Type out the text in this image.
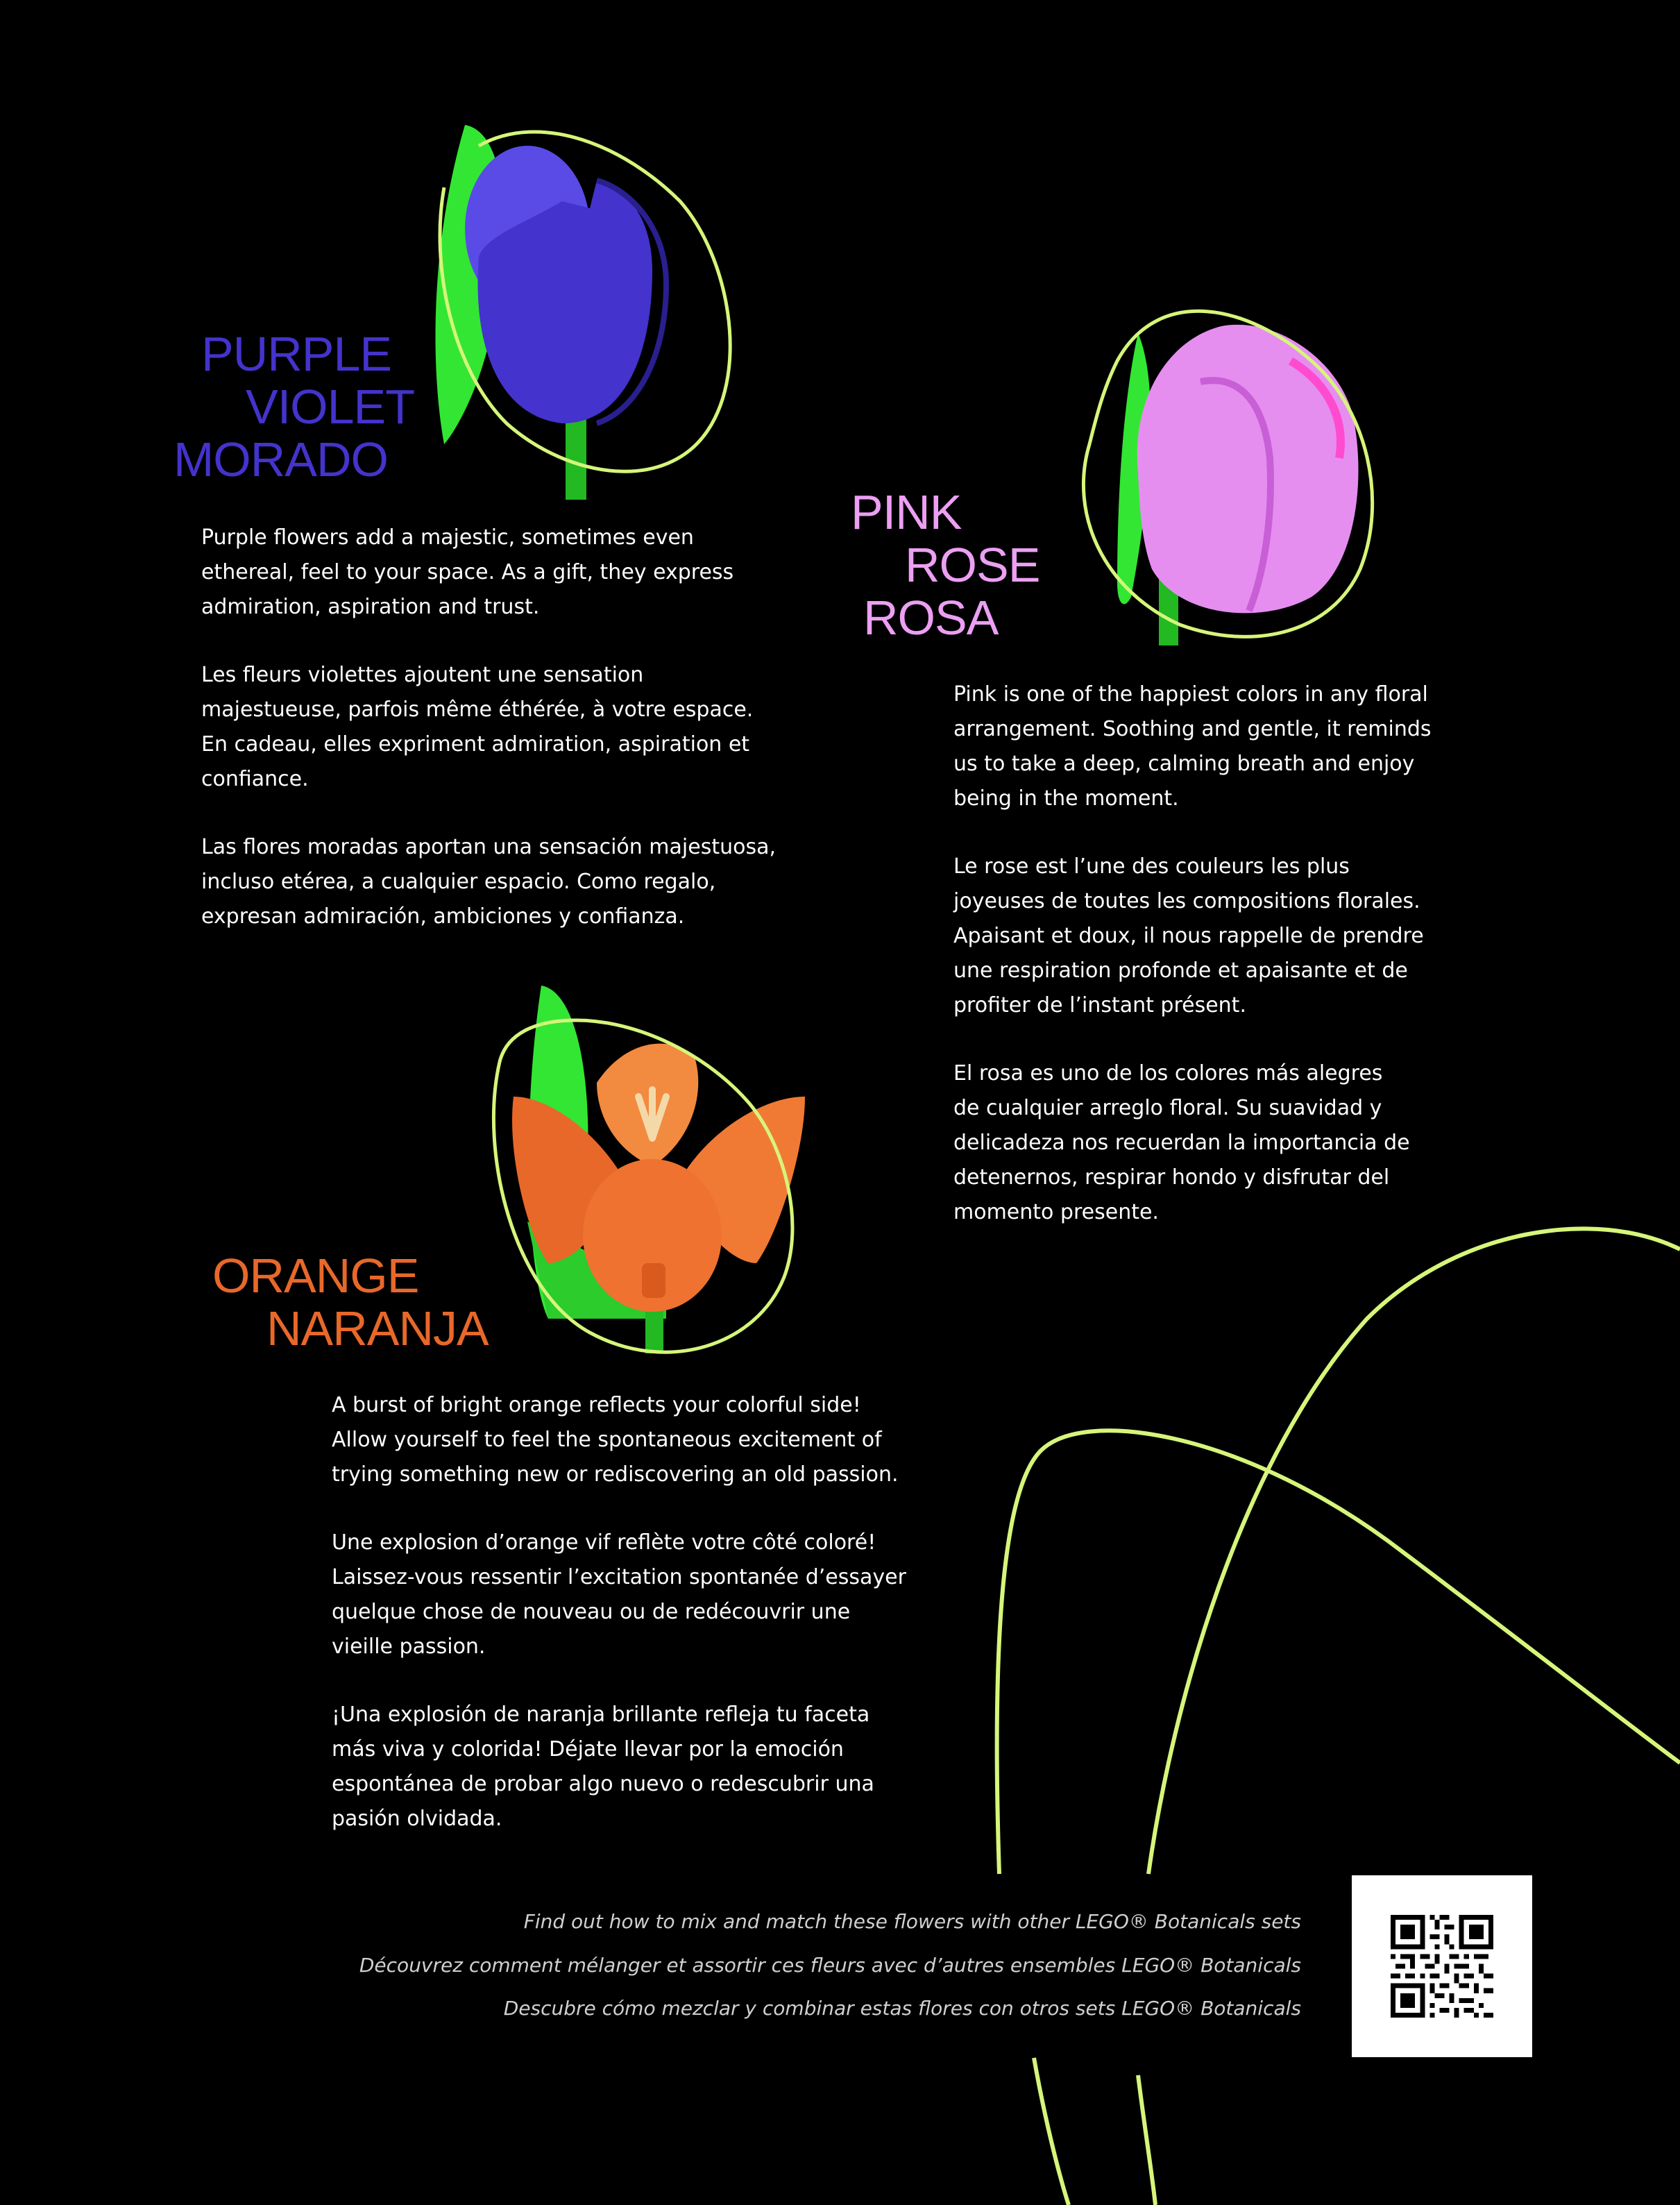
PURPLE
VIOLET
MORADO

Purple flowers add a majestic, sometimes even
ethereal, feel to your space. As a gift, they express
admiration, aspiration and trust.

Les fleurs violettes ajoutent une sensation
majestueuse, parfois même éthérée, à votre espace.
En cadeau, elles expriment admiration, aspiration et
confiance.

Las flores moradas aportan una sensación majestuosa,
incluso etérea, a cualquier espacio. Como regalo,
expresan admiración, ambiciones y confianza.

PINK
ROSE
ROSA

Pink is one of the happiest colors in any floral
arrangement. Soothing and gentle, it reminds
us to take a deep, calming breath and enjoy
being in the moment.

Le rose est l’une des couleurs les plus
joyeuses de toutes les compositions florales.
Apaisant et doux, il nous rappelle de prendre
une respiration profonde et apaisante et de
profiter de l’instant présent.

El rosa es uno de los colores más alegres
de cualquier arreglo floral. Su suavidad y
delicadeza nos recuerdan la importancia de
detenernos, respirar hondo y disfrutar del
momento presente.

ORANGE
NARANJA

A burst of bright orange reflects your colorful side!
Allow yourself to feel the spontaneous excitement of
trying something new or rediscovering an old passion.

Une explosion d’orange vif reflète votre côté coloré!
Laissez-vous ressentir l’excitation spontanée d’essayer
quelque chose de nouveau ou de redécouvrir une
vieille passion.

¡Una explosión de naranja brillante refleja tu faceta
más viva y colorida! Déjate llevar por la emoción
espontánea de probar algo nuevo o redescubrir una
pasión olvidada.

Find out how to mix and match these flowers with other LEGO® Botanicals sets
Découvrez comment mélanger et assortir ces fleurs avec d’autres ensembles LEGO® Botanicals
Descubre cómo mezclar y combinar estas flores con otros sets LEGO® Botanicals
